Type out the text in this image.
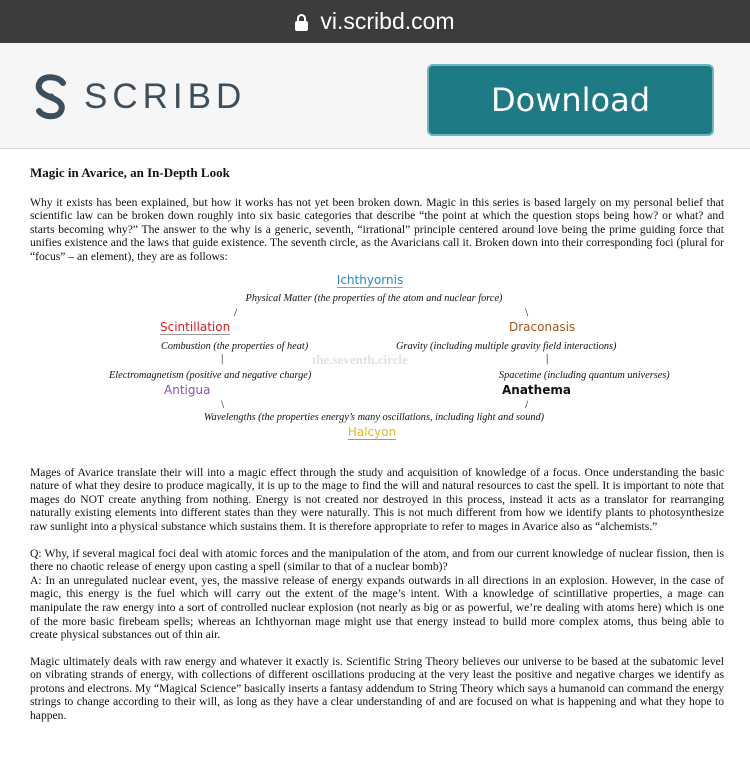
vi.scribd.com
SCRIBD	Download
Magic in Avarice, an In-Depth Look
Why it exists has been explained, but how it works has not yet been broken down. Magic in this series is based largely on my personal belief that scientific law can be broken down roughly into six basic categories that describe “the point at which the question stops being how? or what? and starts becoming why?” The answer to the why is a generic, seventh, “irrational” principle centered around love being the prime guiding force that unifies existence and the laws that guide existence. The seventh circle, as the Avaricians call it. Broken down into their corresponding foci (plural for “focus” – an element), they are as follows:
Ichthyornis
Physical Matter (the properties of the atom and nuclear force)
/	\
Scintillation	Draconasis
Combustion (the properties of heat)	Gravity (including multiple gravity field interactions)
|	|
the.seventh.circle
Electromagnetism (positive and negative charge)	Spacetime (including quantum universes)
Antigua	Anathema
\	/
Wavelengths (the properties energy’s many oscillations, including light and sound)
Halcyon
Mages of Avarice translate their will into a magic effect through the study and acquisition of knowledge of a focus. Once understanding the basic nature of what they desire to produce magically, it is up to the mage to find the will and natural resources to cast the spell. It is important to note that mages do NOT create anything from nothing. Energy is not created nor destroyed in this process, instead it acts as a translator for rearranging naturally existing elements into different states than they were naturally. This is not much different from how we identify plants to photosynthesize raw sunlight into a physical substance which sustains them. It is therefore appropriate to refer to mages in Avarice also as “alchemists.”
Q: Why, if several magical foci deal with atomic forces and the manipulation of the atom, and from our current knowledge of nuclear fission, then is there no chaotic release of energy upon casting a spell (similar to that of a nuclear bomb)?
A: In an unregulated nuclear event, yes, the massive release of energy expands outwards in all directions in an explosion. However, in the case of magic, this energy is the fuel which will carry out the extent of the mage’s intent. With a knowledge of scintillative properties, a mage can manipulate the raw energy into a sort of controlled nuclear explosion (not nearly as big or as powerful, we’re dealing with atoms here) which is one of the more basic firebeam spells; whereas an Ichthyornan mage might use that energy instead to build more complex atoms, thus being able to create physical substances out of thin air.
Magic ultimately deals with raw energy and whatever it exactly is. Scientific String Theory believes our universe to be based at the subatomic level on vibrating strands of energy, with collections of different oscillations producing at the very least the positive and negative charges we identify as protons and electrons. My “Magical Science” basically inserts a fantasy addendum to String Theory which says a humanoid can command the energy strings to change according to their will, as long as they have a clear understanding of and are focused on what is happening and what they hope to happen.
